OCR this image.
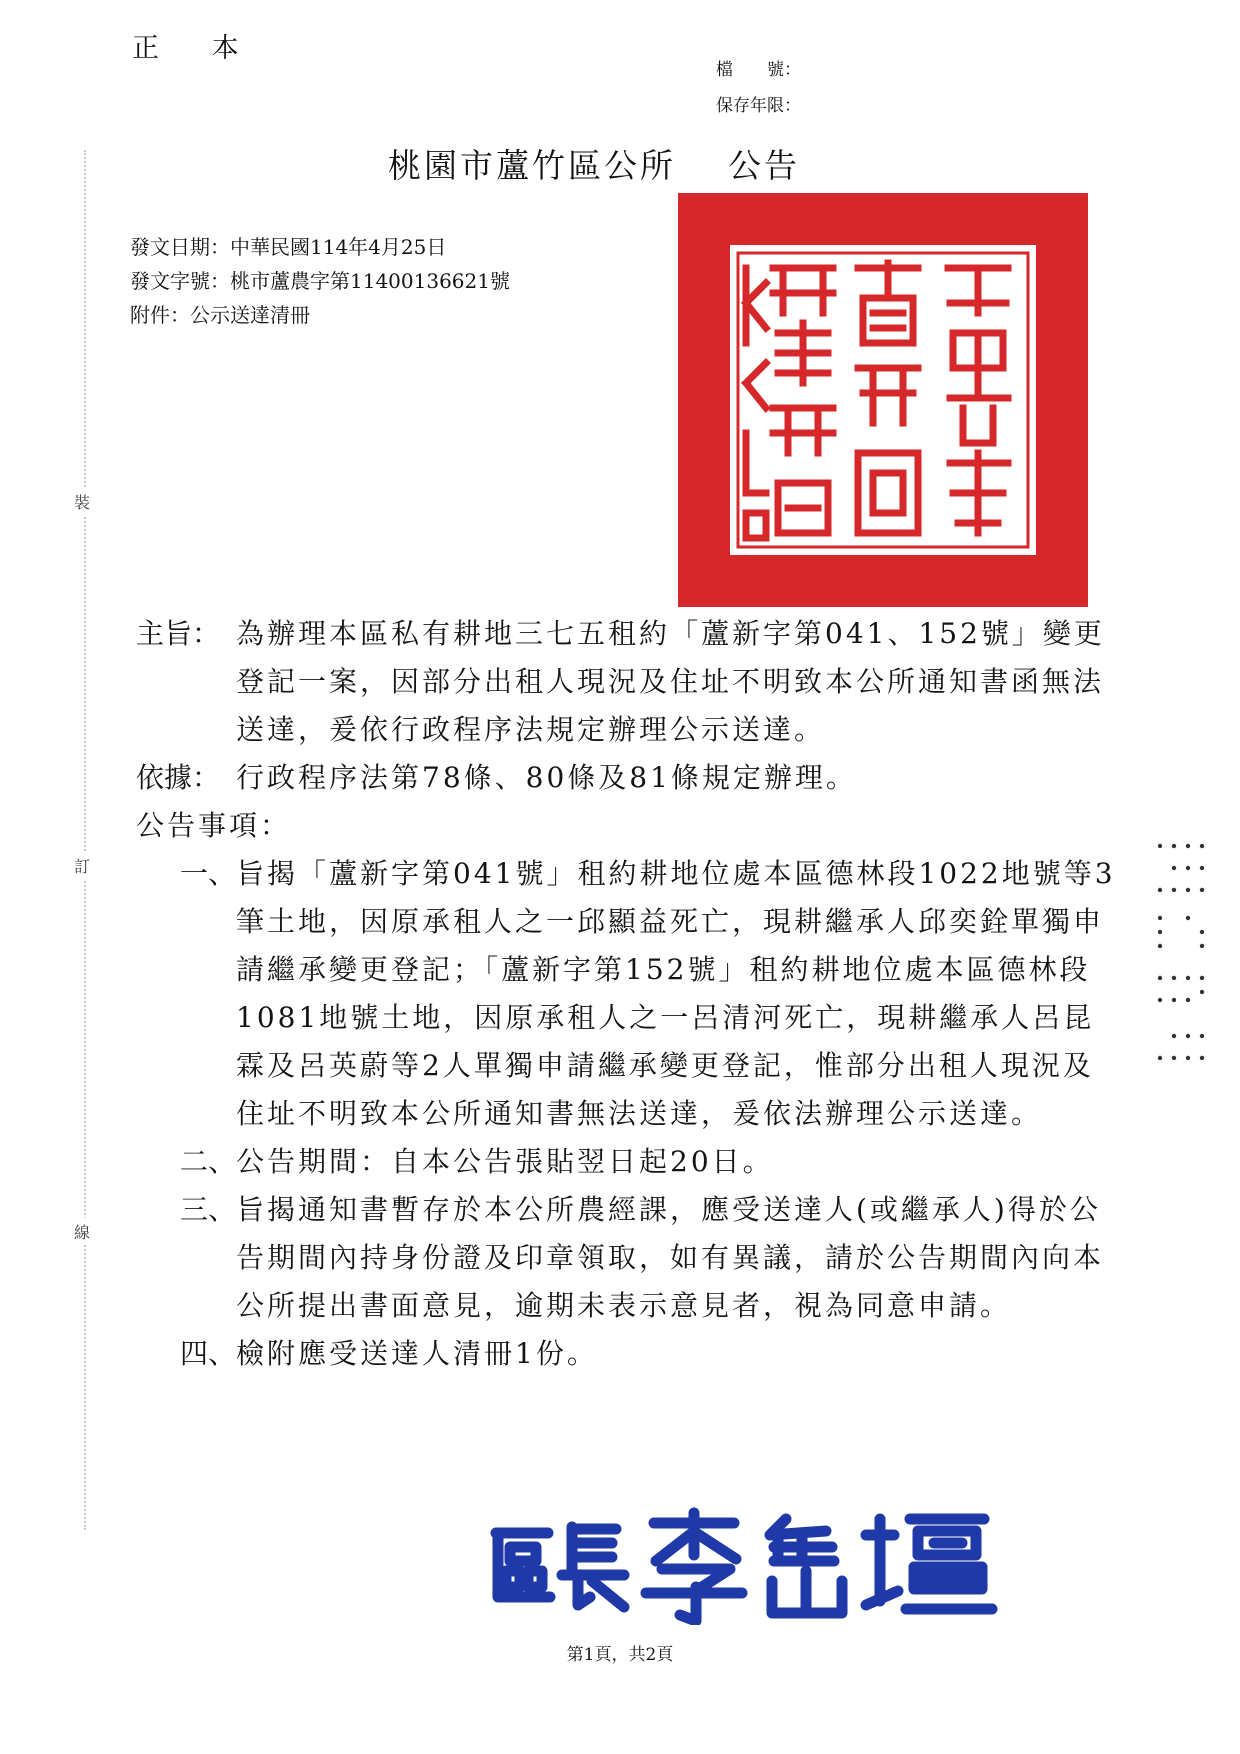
正 本
檔　　號：
保存年限：
桃園市蘆竹區公所 公告
發文日期：中華民國114年4月25日
發文字號：桃市蘆農字第11400136621號
附件：公示送達清冊
裝
訂
線
主旨： 為辦理本區私有耕地三七五租約「蘆新字第041、152號」變更登記一案，因部分出租人現況及住址不明致本公所通知書函無法送達，爰依行政程序法規定辦理公示送達。
依據： 行政程序法第78條、80條及81條規定辦理。
公告事項：
一、 旨揭「蘆新字第041號」租約耕地位處本區德林段1022地號等3筆土地，因原承租人之一邱顯益死亡，現耕繼承人邱奕銓單獨申請繼承變更登記；「蘆新字第152號」租約耕地位處本區德林段1081地號土地，因原承租人之一呂清河死亡，現耕繼承人呂昆霖及呂英蔚等2人單獨申請繼承變更登記，惟部分出租人現況及住址不明致本公所通知書無法送達，爰依法辦理公示送達。
二、 公告期間：自本公告張貼翌日起20日。
三、 旨揭通知書暫存於本公所農經課，應受送達人(或繼承人)得於公告期間內持身份證及印章領取，如有異議，請於公告期間內向本公所提出書面意見，逾期未表示意見者，視為同意申請。
四、 檢附應受送達人清冊1份。
第1頁，共2頁
